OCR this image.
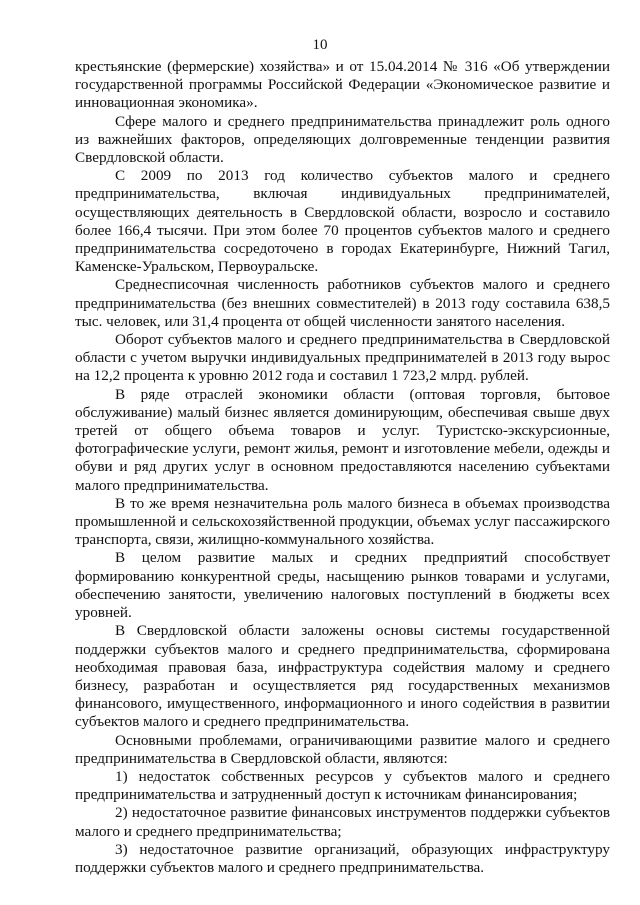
10

крестьянские (фермерские) хозяйства» и от 15.04.2014 № 316 «Об утверждении государственной программы Российской Федерации «Экономическое развитие и инновационная экономика».

Сфере малого и среднего предпринимательства принадлежит роль одного из важнейших факторов, определяющих долговременные тенденции развития Свердловской области.

С 2009 по 2013 год количество субъектов малого и среднего предпринимательства, включая индивидуальных предпринимателей, осуществляющих деятельность в Свердловской области, возросло и составило более 166,4 тысячи. При этом более 70 процентов субъектов малого и среднего предпринимательства сосредоточено в городах Екатеринбурге, Нижний Тагил, Каменске-Уральском, Первоуральске.

Среднесписочная численность работников субъектов малого и среднего предпринимательства (без внешних совместителей) в 2013 году составила 638,5 тыс. человек, или 31,4 процента от общей численности занятого населения.

Оборот субъектов малого и среднего предпринимательства в Свердловской области с учетом выручки индивидуальных предпринимателей в 2013 году вырос на 12,2 процента к уровню 2012 года и составил 1 723,2 млрд. рублей.

В ряде отраслей экономики области (оптовая торговля, бытовое обслуживание) малый бизнес является доминирующим, обеспечивая свыше двух третей от общего объема товаров и услуг. Туристско-экскурсионные, фотографические услуги, ремонт жилья, ремонт и изготовление мебели, одежды и обуви и ряд других услуг в основном предоставляются населению субъектами малого предпринимательства.

В то же время незначительна роль малого бизнеса в объемах производства промышленной и сельскохозяйственной продукции, объемах услуг пассажирского транспорта, связи, жилищно-коммунального хозяйства.

В целом развитие малых и средних предприятий способствует формированию конкурентной среды, насыщению рынков товарами и услугами, обеспечению занятости, увеличению налоговых поступлений в бюджеты всех уровней.

В Свердловской области заложены основы системы государственной поддержки субъектов малого и среднего предпринимательства, сформирована необходимая правовая база, инфраструктура содействия малому и среднего бизнесу, разработан и осуществляется ряд государственных механизмов финансового, имущественного, информационного и иного содействия в развитии субъектов малого и среднего предпринимательства.

Основными проблемами, ограничивающими развитие малого и среднего предпринимательства в Свердловской области, являются:

1) недостаток собственных ресурсов у субъектов малого и среднего предпринимательства и затрудненный доступ к источникам финансирования;

2) недостаточное развитие финансовых инструментов поддержки субъектов малого и среднего предпринимательства;

3) недостаточное развитие организаций, образующих инфраструктуру поддержки субъектов малого и среднего предпринимательства.
